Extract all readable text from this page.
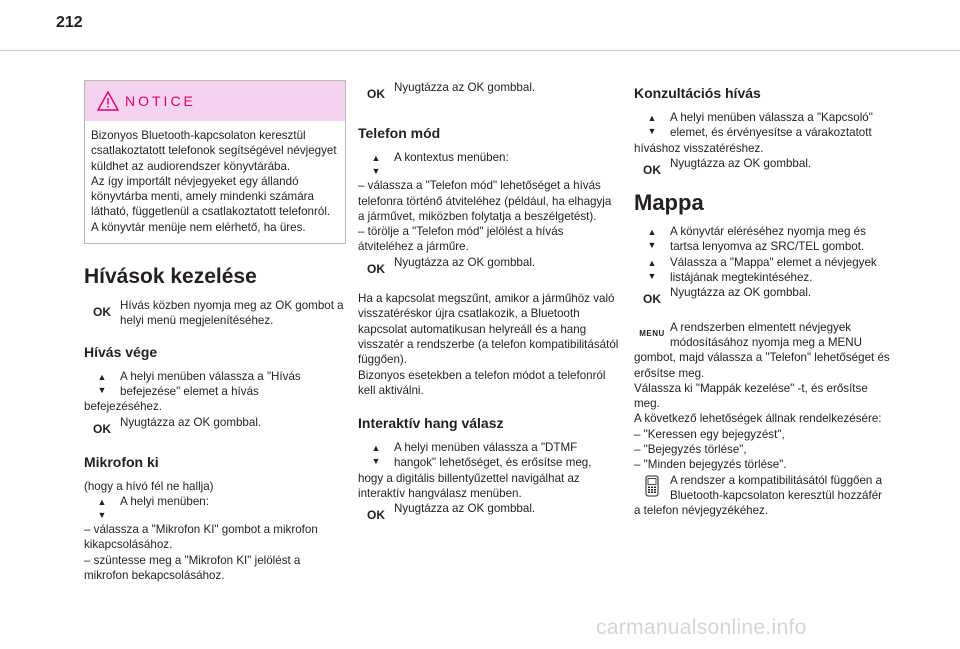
212
NOTICE

Bizonyos Bluetooth-kapcsolaton keresztül csatlakoztatott telefonok segítségével névjegyet küldhet az audiorendszer könyvtárába.

Az így importált névjegyeket egy állandó könyvtárba menti, amely mindenki számára látható, függetlenül a csatlakoztatott telefonról.

A könyvtár menüje nem elérhető, ha üres.

Hívások kezelése
OK Hívás közben nyomja meg az OK gombot a helyi menü megjelenítéséhez.
Hívás vége
▲
▼
A helyi menüben válassza a "Hívás
befejezése" elemet a hívás

befejezéséhez.

OK Nyugtázza az OK gombbal.
Mikrofon ki

(hogy a hívó fél ne hallja)

▲
▼
A helyi menüben:

– válassza a "Mikrofon KI" gombot a mikrofon kikapcsolásához.

– szüntesse meg a "Mikrofon KI" jelölést a mikrofon bekapcsolásához.

OK Nyugtázza az OK gombbal.
Telefon mód
▲
▼
A kontextus menüben:

– válassza a "Telefon mód" lehetőséget a hívás telefonra történő átviteléhez (például, ha elhagyja a járművet, miközben folytatja a beszélgetést).

– törölje a "Telefon mód" jelölést a hívás átviteléhez a járműre.

OK Nyugtázza az OK gombbal.

Ha a kapcsolat megszűnt, amikor a járműhöz való visszatéréskor újra csatlakozik, a Bluetooth kapcsolat automatikusan helyreáll és a hang visszatér a rendszerbe (a telefon kompatibilitásától függően).

Bizonyos esetekben a telefon módot a telefonról kell aktiválni.

Interaktív hang válasz
▲
▼
A helyi menüben válassza a "DTMF
hangok" lehetőséget, és erősítse meg,

hogy a digitális billentyűzettel navigálhat az interaktív hangválasz menüben.

OK Nyugtázza az OK gombbal.
Konzultációs hívás
▲
▼
A helyi menüben válassza a "Kapcsoló"
elemet, és érvényesítse a várakoztatott

híváshoz visszatéréshez.

OK Nyugtázza az OK gombbal.
Mappa
▲
▼
A könyvtár eléréséhez nyomja meg és
tartsa lenyomva az SRC/TEL gombot.
▲
▼
Válassza a "Mappa" elemet a névjegyek
listájának megtekintéséhez.
OK Nyugtázza az OK gombbal.
MENU A rendszerben elmentett névjegyek
módosításához nyomja meg a MENU

gombot, majd válassza a "Telefon" lehetőséget és erősítse meg.

Válassza ki "Mappák kezelése" -t, és erősítse meg.

A következő lehetőségek állnak rendelkezésére:

– "Keressen egy bejegyzést",

– "Bejegyzés törlése",

– "Minden bejegyzés törlése".

A rendszer a kompatibilitásától függően a
Bluetooth-kapcsolaton keresztül hozzáfér

a telefon névjegyzékéhez.

carmanualsonline.info
